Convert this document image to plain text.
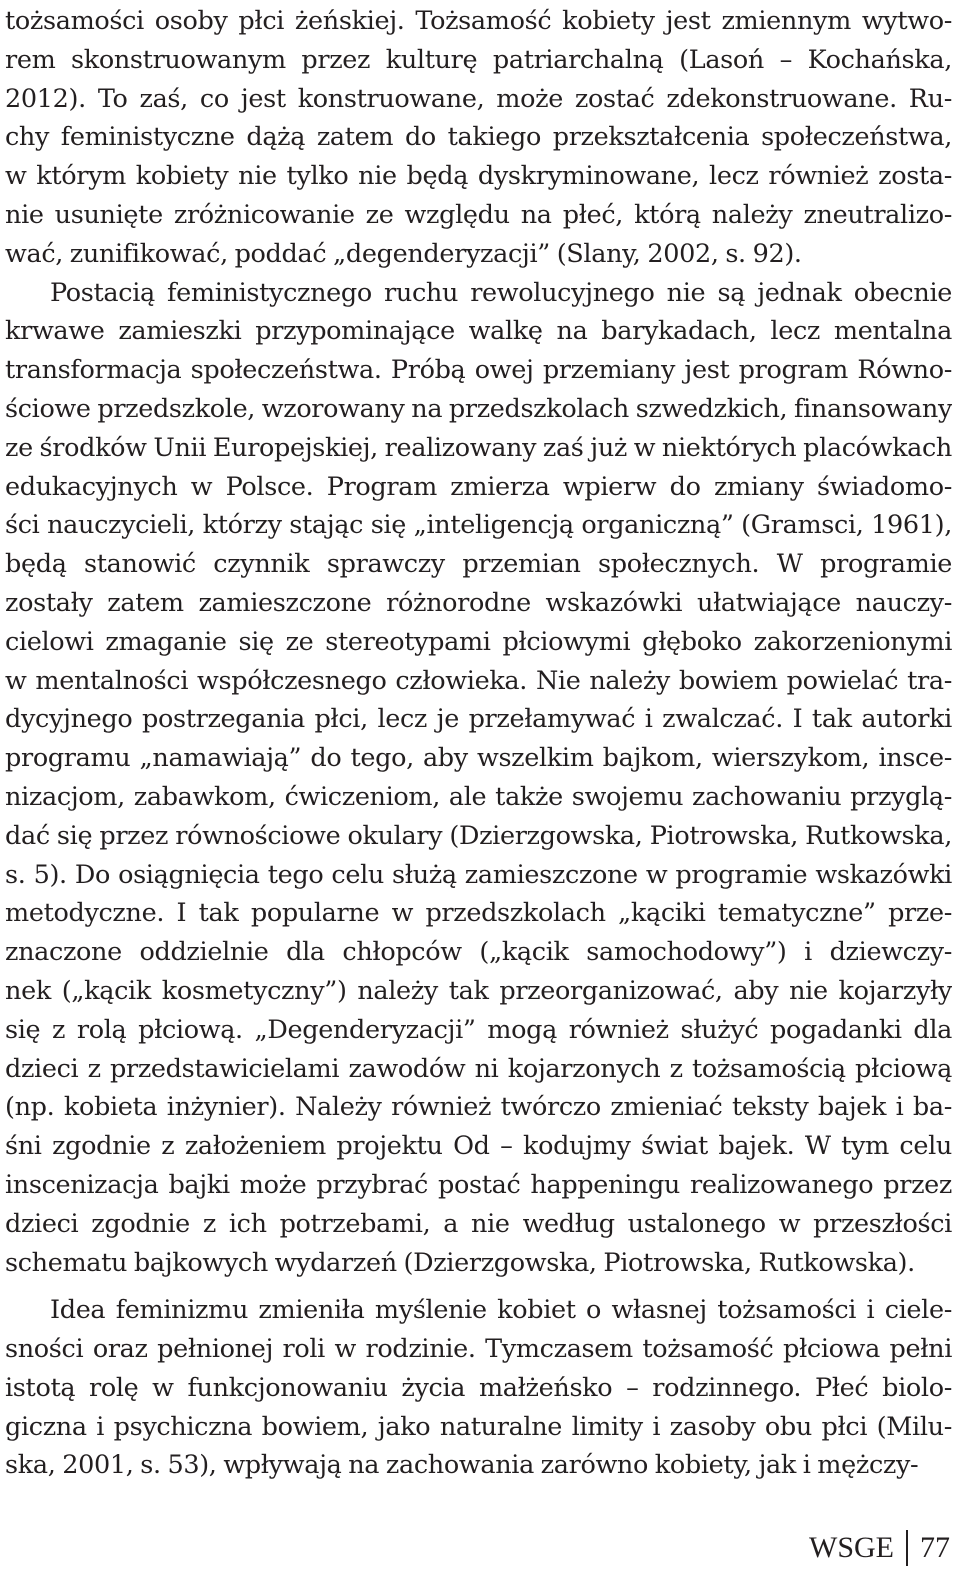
tożsamości osoby płci żeńskiej. Tożsamość kobiety jest zmiennym wytwo-
rem skonstruowanym przez kulturę patriarchalną (Lasoń – Kochańska,
2012). To zaś, co jest konstruowane, może zostać zdekonstruowane. Ru-
chy feministyczne dążą zatem do takiego przekształcenia społeczeństwa,
w którym kobiety nie tylko nie będą dyskryminowane, lecz również zosta-
nie usunięte zróżnicowanie ze względu na płeć, którą należy zneutralizo-
wać, zunifikować, poddać „degenderyzacji” (Slany, 2002, s. 92).
Postacią feministycznego ruchu rewolucyjnego nie są jednak obecnie
krwawe zamieszki przypominające walkę na barykadach, lecz mentalna
transformacja społeczeństwa. Próbą owej przemiany jest program Równo-
ściowe przedszkole, wzorowany na przedszkolach szwedzkich, finansowany
ze środków Unii Europejskiej, realizowany zaś już w niektórych placówkach
edukacyjnych w Polsce. Program zmierza wpierw do zmiany świadomo-
ści nauczycieli, którzy stając się „inteligencją organiczną” (Gramsci, 1961),
będą stanowić czynnik sprawczy przemian społecznych. W programie
zostały zatem zamieszczone różnorodne wskazówki ułatwiające nauczy-
cielowi zmaganie się ze stereotypami płciowymi głęboko zakorzenionymi
w mentalności współczesnego człowieka. Nie należy bowiem powielać tra-
dycyjnego postrzegania płci, lecz je przełamywać i zwalczać. I tak autorki
programu „namawiają” do tego, aby wszelkim bajkom, wierszykom, insce-
nizacjom, zabawkom, ćwiczeniom, ale także swojemu zachowaniu przyglą-
dać się przez równościowe okulary (Dzierzgowska, Piotrowska, Rutkowska,
s. 5). Do osiągnięcia tego celu służą zamieszczone w programie wskazówki
metodyczne. I tak popularne w przedszkolach „kąciki tematyczne” prze-
znaczone oddzielnie dla chłopców („kącik samochodowy”) i dziewczy-
nek („kącik kosmetyczny”) należy tak przeorganizować, aby nie kojarzyły
się z rolą płciową. „Degenderyzacji” mogą również służyć pogadanki dla
dzieci z przedstawicielami zawodów ni kojarzonych z tożsamością płciową
(np. kobieta inżynier). Należy również twórczo zmieniać teksty bajek i ba-
śni zgodnie z założeniem projektu Od – kodujmy świat bajek. W tym celu
inscenizacja bajki może przybrać postać happeningu realizowanego przez
dzieci zgodnie z ich potrzebami, a nie według ustalonego w przeszłości
schematu bajkowych wydarzeń (Dzierzgowska, Piotrowska, Rutkowska).
Idea feminizmu zmieniła myślenie kobiet o własnej tożsamości i ciele-
sności oraz pełnionej roli w rodzinie. Tymczasem tożsamość płciowa pełni
istotą rolę w funkcjonowaniu życia małżeńsko – rodzinnego. Płeć biolo-
giczna i psychiczna bowiem, jako naturalne limity i zasoby obu płci (Milu-
ska, 2001, s. 53), wpływają na zachowania zarówno kobiety, jak i mężczy-
WSGE 77
